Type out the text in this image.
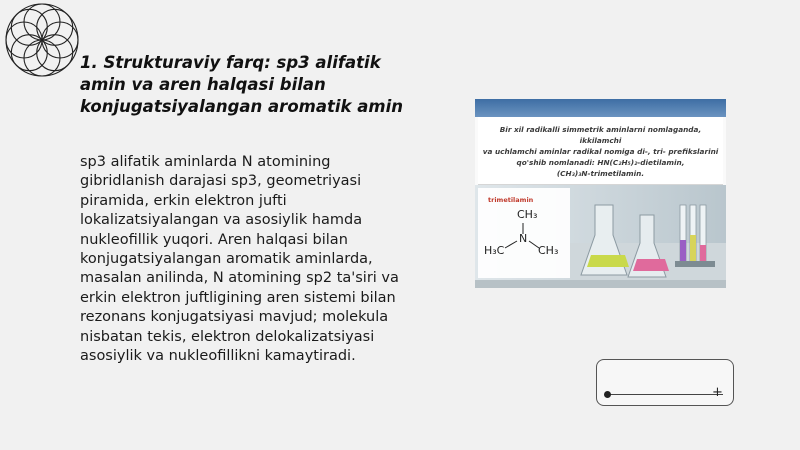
1. Strukturaviy farq: sp3 alifatik amin va aren halqasi bilan konjugatsiyalangan aromatik amin
sp3 alifatik aminlarda N atomining gibridlanish darajasi sp3, geometriyasi piramida, erkin elektron jufti lokalizatsiyalangan va asosiylik hamda nukleofillik yuqori. Aren halqasi bilan konjugatsiyalangan aromatik aminlarda, masalan anilinda, N atomining sp2 ta'siri va erkin elektron juftligining aren sistemi bilan rezonans konjugatsiyasi mavjud; molekula nisbatan tekis, elektron delokalizatsiyasi asosiylik va nukleofillikni kamaytiradi.
Bir xil radikalli simmetrik aminlarni nomlaganda, ikkilamchi
va uchlamchi aminlar radikal nomiga di-, tri- prefikslarini
qo'shib nomlanadi: HN(C₂H₅)₂-dietilamin,
(CH₃)₃N-trimetilamin.
trimetilamin
CH₃
N
H₃C	CH₃
+
